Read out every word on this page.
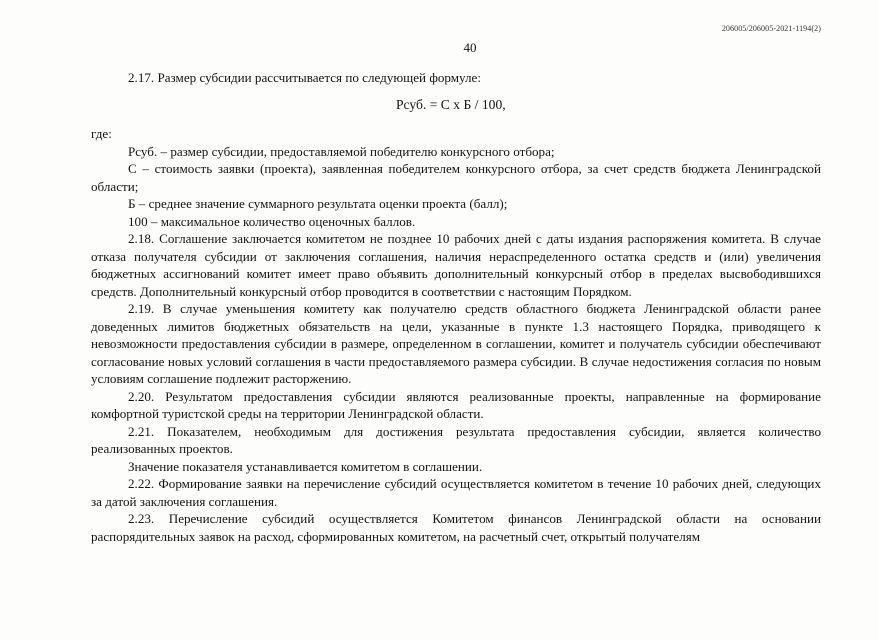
206005/206005-2021-1194(2)
40

2.17. Размер субсидии рассчитывается по следующей формуле:

Рсуб. = С х Б / 100,

где:

Рсуб. – размер субсидии, предоставляемой победителю конкурсного отбора;

С – стоимость заявки (проекта), заявленная победителем конкурсного отбора, за счет средств бюджета Ленинградской области;

Б – среднее значение суммарного результата оценки проекта (балл);

100 – максимальное количество оценочных баллов.

2.18. Соглашение заключается комитетом не позднее 10 рабочих дней с даты издания распоряжения комитета. В случае отказа получателя субсидии от заключения соглашения, наличия нераспределенного остатка средств и (или) увеличения бюджетных ассигнований комитет имеет право объявить дополнительный конкурсный отбор в пределах высвободившихся средств. Дополнительный конкурсный отбор проводится в соответствии с настоящим Порядком.

2.19. В случае уменьшения комитету как получателю средств областного бюджета Ленинградской области ранее доведенных лимитов бюджетных обязательств на цели, указанные в пункте 1.3 настоящего Порядка, приводящего к невозможности предоставления субсидии в размере, определенном в соглашении, комитет и получатель субсидии обеспечивают согласование новых условий соглашения в части предоставляемого размера субсидии. В случае недостижения согласия по новым условиям соглашение подлежит расторжению.

2.20. Результатом предоставления субсидии являются реализованные проекты, направленные на формирование комфортной туристской среды на территории Ленинградской области.

2.21. Показателем, необходимым для достижения результата предоставления субсидии, является количество реализованных проектов.

Значение показателя устанавливается комитетом в соглашении.

2.22. Формирование заявки на перечисление субсидий осуществляется комитетом в течение 10 рабочих дней, следующих за датой заключения соглашения.

2.23. Перечисление субсидий осуществляется Комитетом финансов Ленинградской области на основании распорядительных заявок на расход, сформированных комитетом, на расчетный счет, открытый получателям
